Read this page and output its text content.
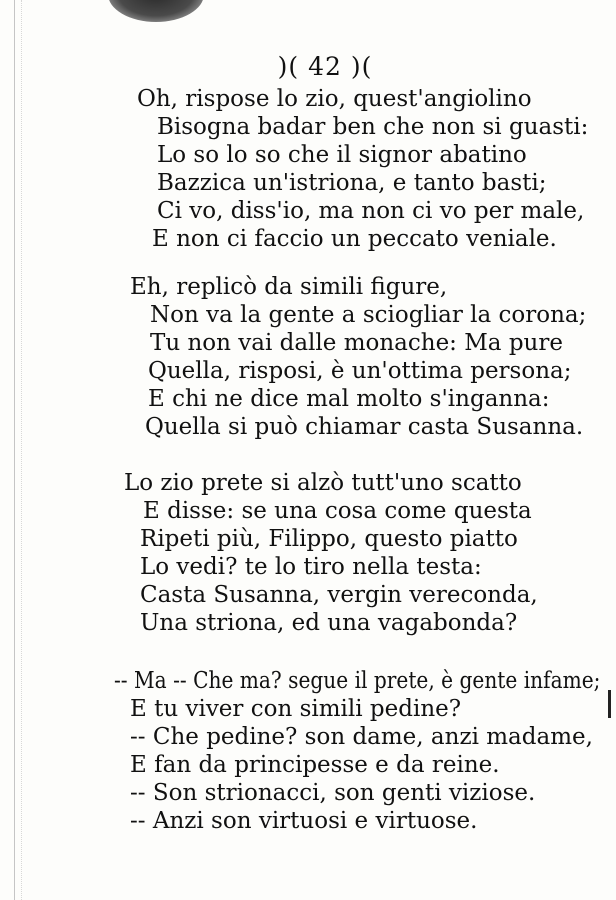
)( 42 )(
Oh, rispose lo zio, quest'angiolino
Bisogna badar ben che non si guasti:
Lo so lo so che il signor abatino
Bazzica un'istriona, e tanto basti;
Ci vo, diss'io, ma non ci vo per male,
E non ci faccio un peccato veniale.
Eh, replicò da simili figure,
Non va la gente a sciogliar la corona;
Tu non vai dalle monache: Ma pure
Quella, risposi, è un'ottima persona;
E chi ne dice mal molto s'inganna:
Quella si può chiamar casta Susanna.
Lo zio prete si alzò tutt'uno scatto
E disse: se una cosa come questa
Ripeti più, Filippo, questo piatto
Lo vedi? te lo tiro nella testa:
Casta Susanna, vergin vereconda,
Una striona, ed una vagabonda?
-- Ma -- Che ma? segue il prete, è gente infame;
E tu viver con simili pedine?
-- Che pedine? son dame, anzi madame,
E fan da principesse e da reine.
-- Son strionacci, son genti viziose.
-- Anzi son virtuosi e virtuose.
